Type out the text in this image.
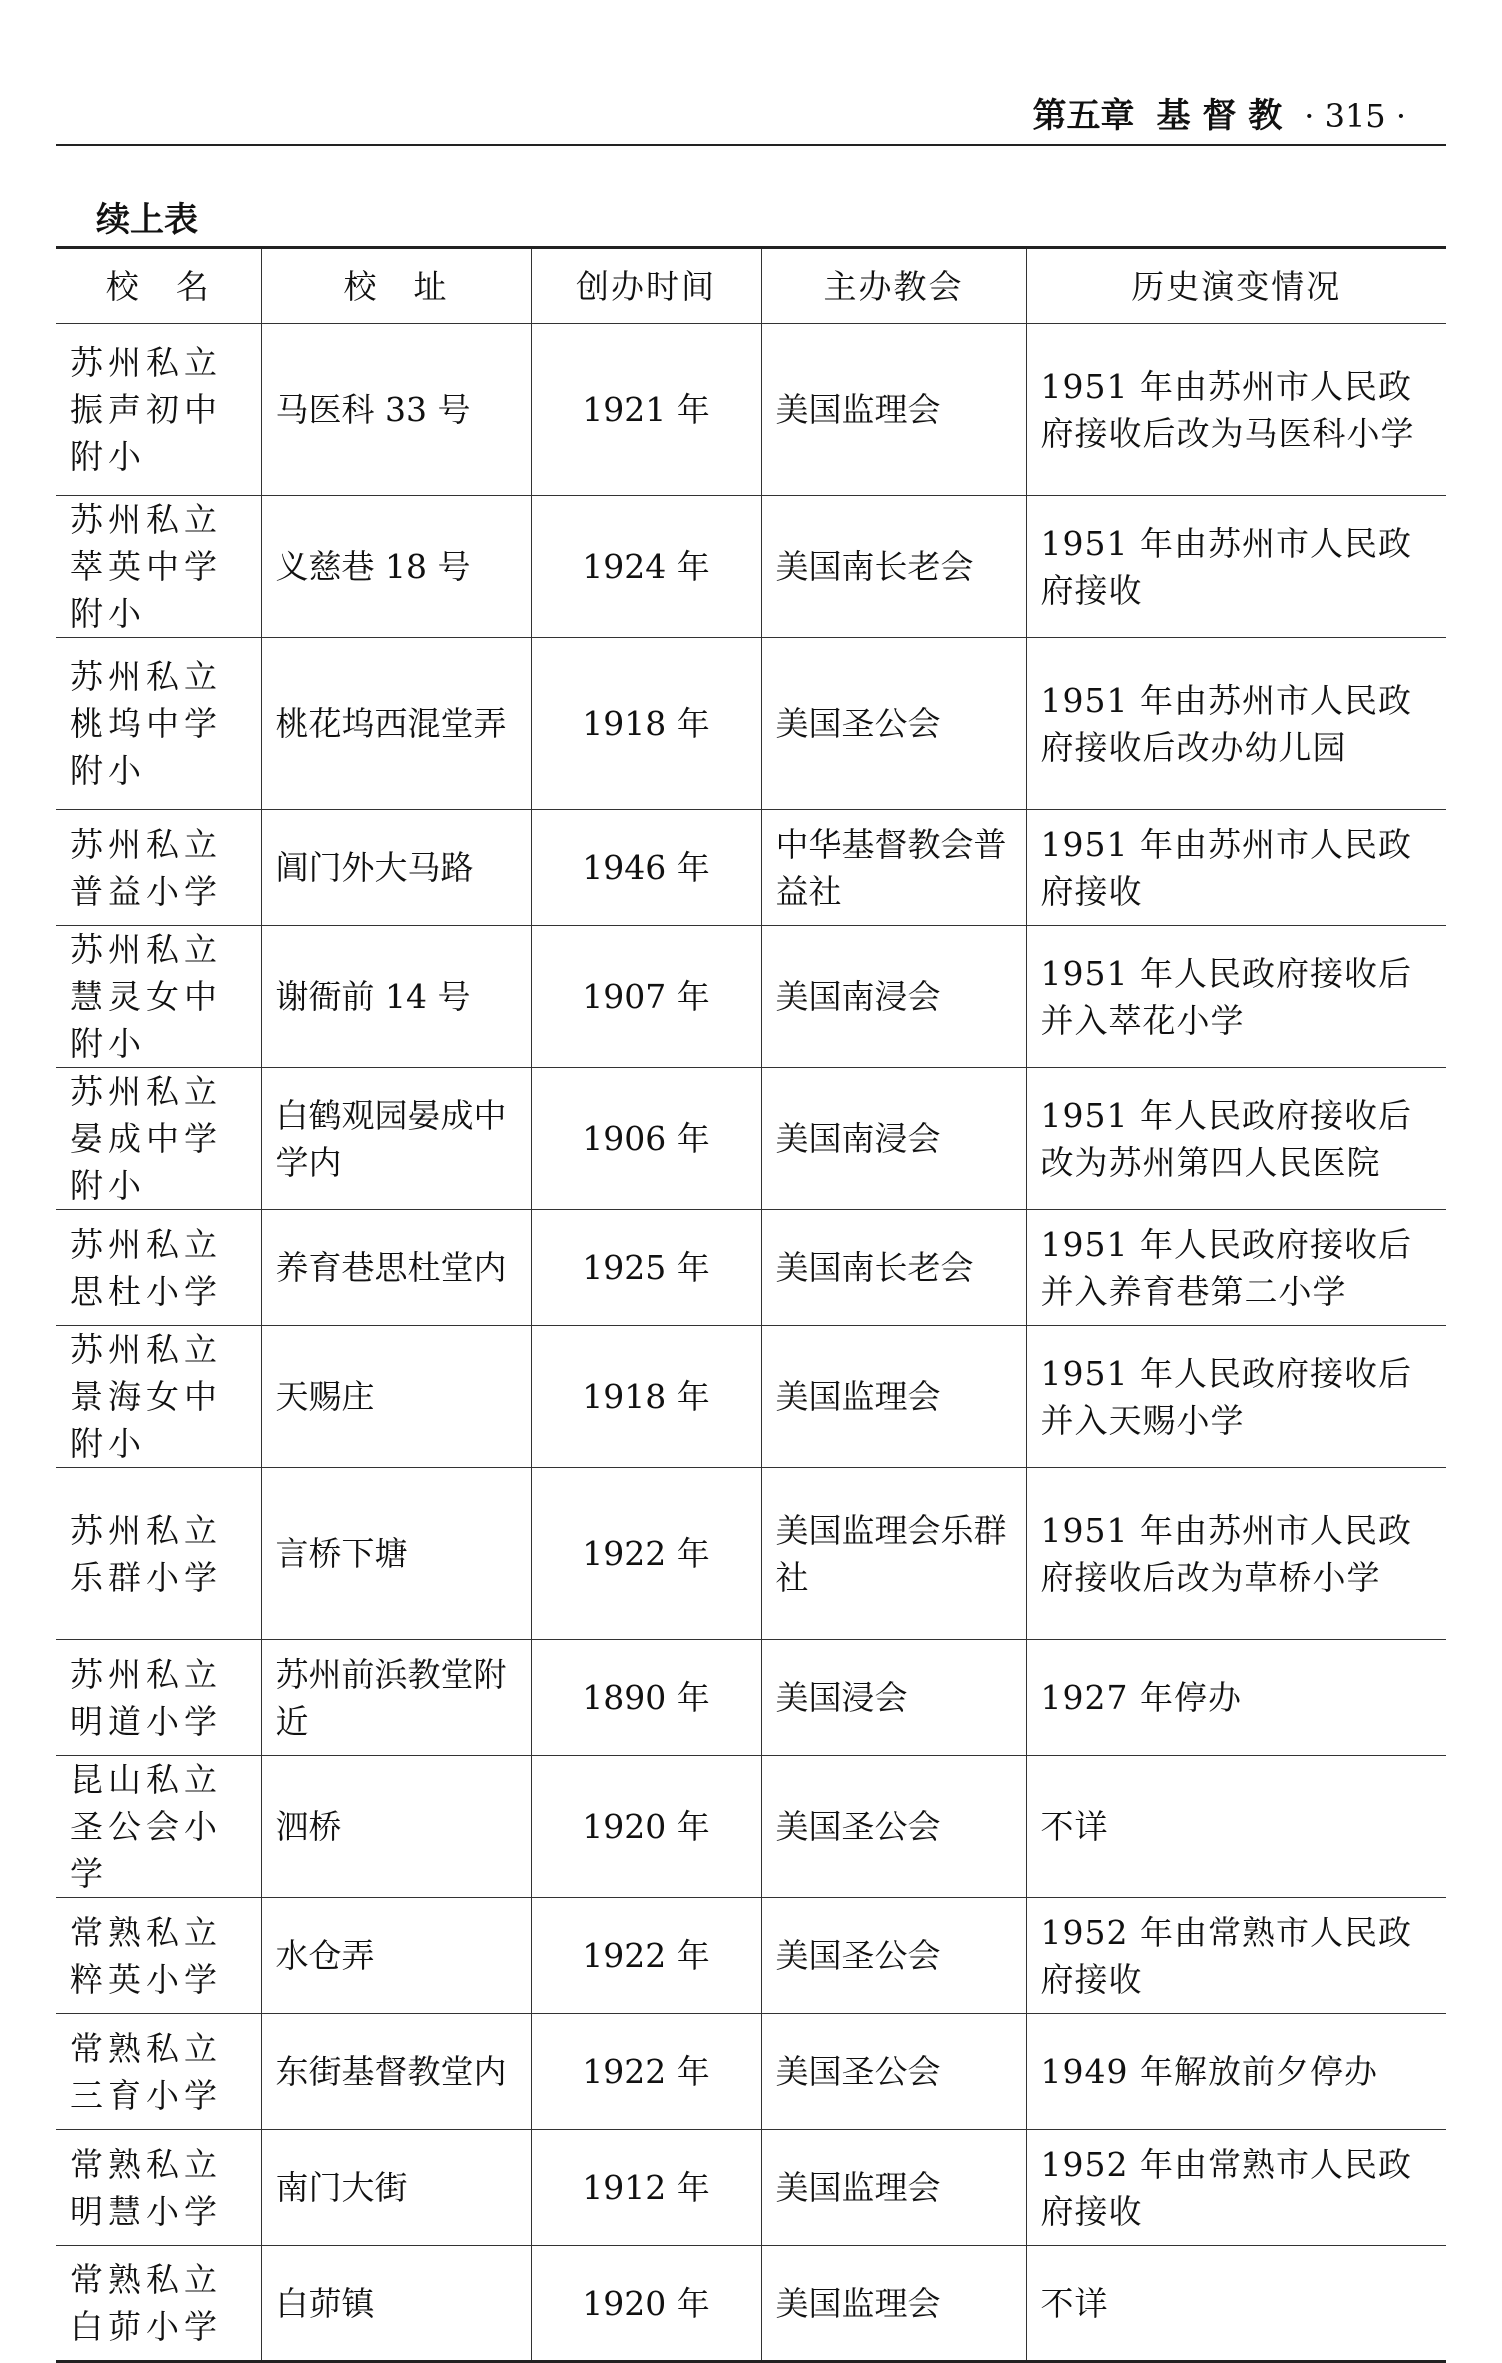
第五章 基 督 教 · 315 ·
续上表
校　名	校　址	创办时间	主办教会	历史演变情况
苏州私立振声初中附小	马医科 33 号	1921 年	美国监理会	1951 年由苏州市人民政府接收后改为马医科小学
苏州私立萃英中学附小	义慈巷 18 号	1924 年	美国南长老会	1951 年由苏州市人民政府接收
苏州私立桃坞中学附小	桃花坞西混堂弄	1918 年	美国圣公会	1951 年由苏州市人民政府接收后改办幼儿园
苏州私立普益小学	阊门外大马路	1946 年	中华基督教会普益社	1951 年由苏州市人民政府接收
苏州私立慧灵女中附小	谢衙前 14 号	1907 年	美国南浸会	1951 年人民政府接收后并入萃花小学
苏州私立晏成中学附小	白鹤观园晏成中学内	1906 年	美国南浸会	1951 年人民政府接收后改为苏州第四人民医院
苏州私立思杜小学	养育巷思杜堂内	1925 年	美国南长老会	1951 年人民政府接收后并入养育巷第二小学
苏州私立景海女中附小	天赐庄	1918 年	美国监理会	1951 年人民政府接收后并入天赐小学
苏州私立乐群小学	言桥下塘	1922 年	美国监理会乐群社	1951 年由苏州市人民政府接收后改为草桥小学
苏州私立明道小学	苏州前浜教堂附近	1890 年	美国浸会	1927 年停办
昆山私立圣公会小学	泗桥	1920 年	美国圣公会	不详
常熟私立粹英小学	水仓弄	1922 年	美国圣公会	1952 年由常熟市人民政府接收
常熟私立三育小学	东街基督教堂内	1922 年	美国圣公会	1949 年解放前夕停办
常熟私立明慧小学	南门大街	1912 年	美国监理会	1952 年由常熟市人民政府接收
常熟私立白茆小学	白茆镇	1920 年	美国监理会	不详
